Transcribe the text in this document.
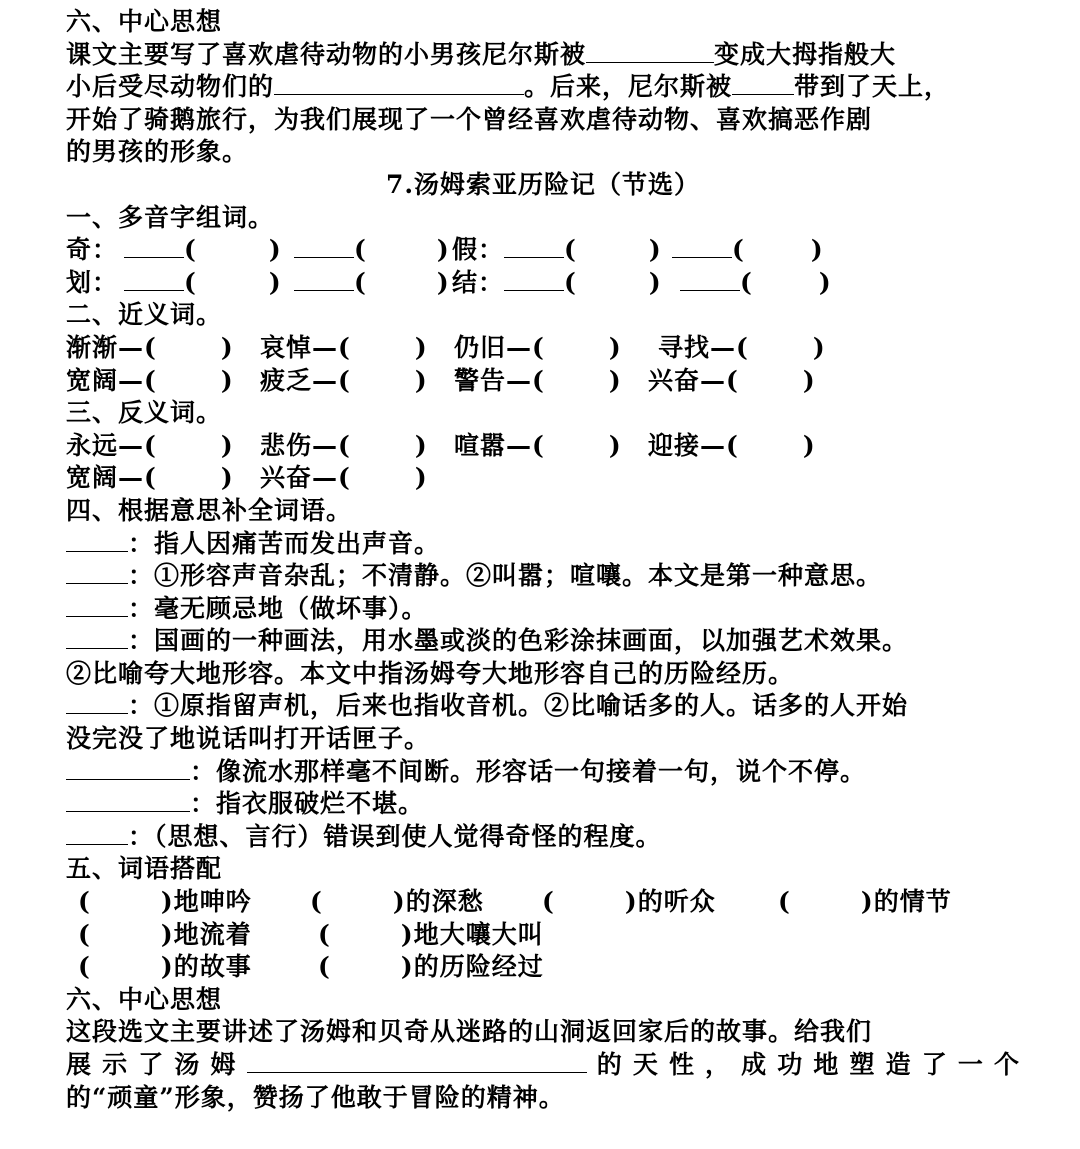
六、中心思想
课文主要写了喜欢虐待动物的小男孩尼尔斯被	变成大拇指般大
小后受尽动物们的	。后来，尼尔斯被 带到了天上，
开始了骑鹅旅行，为我们展现了一个曾经喜欢虐待动物、喜欢搞恶作剧
的男孩的形象。
7.汤姆索亚历险记（节选）
一、多音字组词。
奇：	(	)	(	)假： (	)	(	)
划：	(	)	(	)结： (	)	(	)
二、近义词。
渐渐—(	) 哀悼—(	) 仍旧—(	) 寻找—(	)
宽阔—(	) 疲乏—(	) 警告—(	) 兴奋—(	)
三、反义词。
永远—(	) 悲伤—(	) 喧嚣—(	) 迎接—(	)
宽阔—(	) 兴奋—(	)
四、根据意思补全词语。
：指人因痛苦而发出声音。
：①形容声音杂乱；不清静。②叫嚣；喧嚷。本文是第一种意思。
：毫无顾忌地（做坏事）。
：国画的一种画法，用水墨或淡的色彩涂抹画面，以加强艺术效果。
②比喻夸大地形容。本文中指汤姆夸大地形容自己的历险经历。
：①原指留声机，后来也指收音机。②比喻话多的人。话多的人开始
没完没了地说话叫打开话匣子。
：像流水那样毫不间断。形容话一句接着一句，说个不停。
：指衣服破烂不堪。
：（思想、言行）错误到使人觉得奇怪的程度。
五、词语搭配
(	)地呻吟 (	)的深愁 (	)的听众 (	)的情节
(	)地流着	(	)地大嚷大叫
(	)的故事	(	)的历险经过
六、中心思想
这段选文主要讲述了汤姆和贝奇从迷路的山洞返回家后的故事。给我们
展示了汤姆	的天性，成功地塑造了一个
的“顽童”形象，赞扬了他敢于冒险的精神。
